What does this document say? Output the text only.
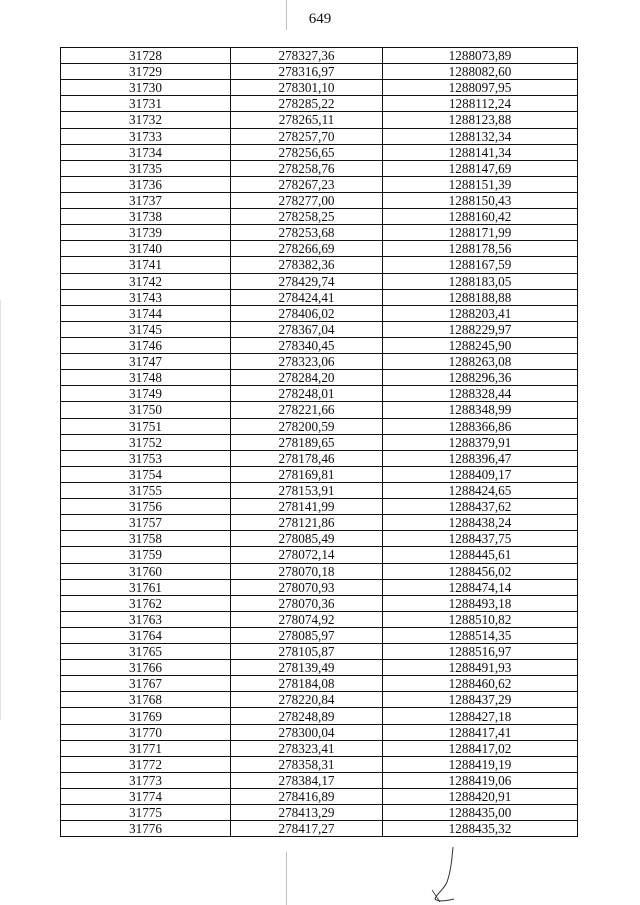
649
31728	278327,36	1288073,89
31729	278316,97	1288082,60
31730	278301,10	1288097,95
31731	278285,22	1288112,24
31732	278265,11	1288123,88
31733	278257,70	1288132,34
31734	278256,65	1288141,34
31735	278258,76	1288147,69
31736	278267,23	1288151,39
31737	278277,00	1288150,43
31738	278258,25	1288160,42
31739	278253,68	1288171,99
31740	278266,69	1288178,56
31741	278382,36	1288167,59
31742	278429,74	1288183,05
31743	278424,41	1288188,88
31744	278406,02	1288203,41
31745	278367,04	1288229,97
31746	278340,45	1288245,90
31747	278323,06	1288263,08
31748	278284,20	1288296,36
31749	278248,01	1288328,44
31750	278221,66	1288348,99
31751	278200,59	1288366,86
31752	278189,65	1288379,91
31753	278178,46	1288396,47
31754	278169,81	1288409,17
31755	278153,91	1288424,65
31756	278141,99	1288437,62
31757	278121,86	1288438,24
31758	278085,49	1288437,75
31759	278072,14	1288445,61
31760	278070,18	1288456,02
31761	278070,93	1288474,14
31762	278070,36	1288493,18
31763	278074,92	1288510,82
31764	278085,97	1288514,35
31765	278105,87	1288516,97
31766	278139,49	1288491,93
31767	278184,08	1288460,62
31768	278220,84	1288437,29
31769	278248,89	1288427,18
31770	278300,04	1288417,41
31771	278323,41	1288417,02
31772	278358,31	1288419,19
31773	278384,17	1288419,06
31774	278416,89	1288420,91
31775	278413,29	1288435,00
31776	278417,27	1288435,32
